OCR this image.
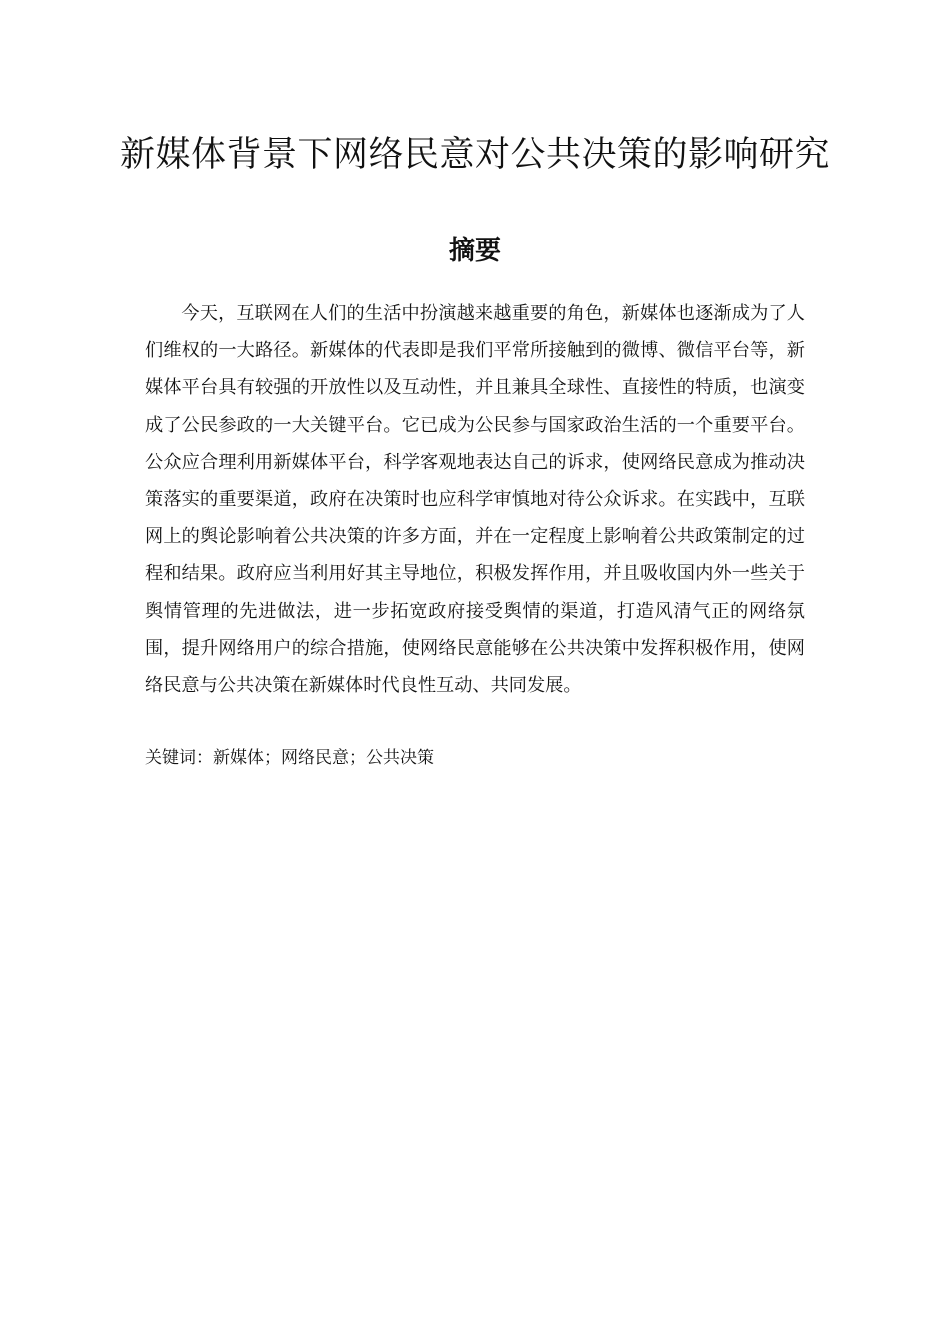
新媒体背景下网络民意对公共决策的影响研究
摘要

今天，互联网在人们的生活中扮演越来越重要的角色，新媒体也逐渐成为了人们维权的一大路径。新媒体的代表即是我们平常所接触到的微博、微信平台等，新媒体平台具有较强的开放性以及互动性，并且兼具全球性、直接性的特质，也演变成了公民参政的一大关键平台。它已成为公民参与国家政治生活的一个重要平台。公众应合理利用新媒体平台，科学客观地表达自己的诉求，使网络民意成为推动决策落实的重要渠道，政府在决策时也应科学审慎地对待公众诉求。在实践中，互联网上的舆论影响着公共决策的许多方面，并在一定程度上影响着公共政策制定的过程和结果。政府应当利用好其主导地位，积极发挥作用，并且吸收国内外一些关于舆情管理的先进做法，进一步拓宽政府接受舆情的渠道，打造风清气正的网络氛围，提升网络用户的综合措施，使网络民意能够在公共决策中发挥积极作用，使网络民意与公共决策在新媒体时代良性互动、共同发展。

关键词：新媒体；网络民意；公共决策
